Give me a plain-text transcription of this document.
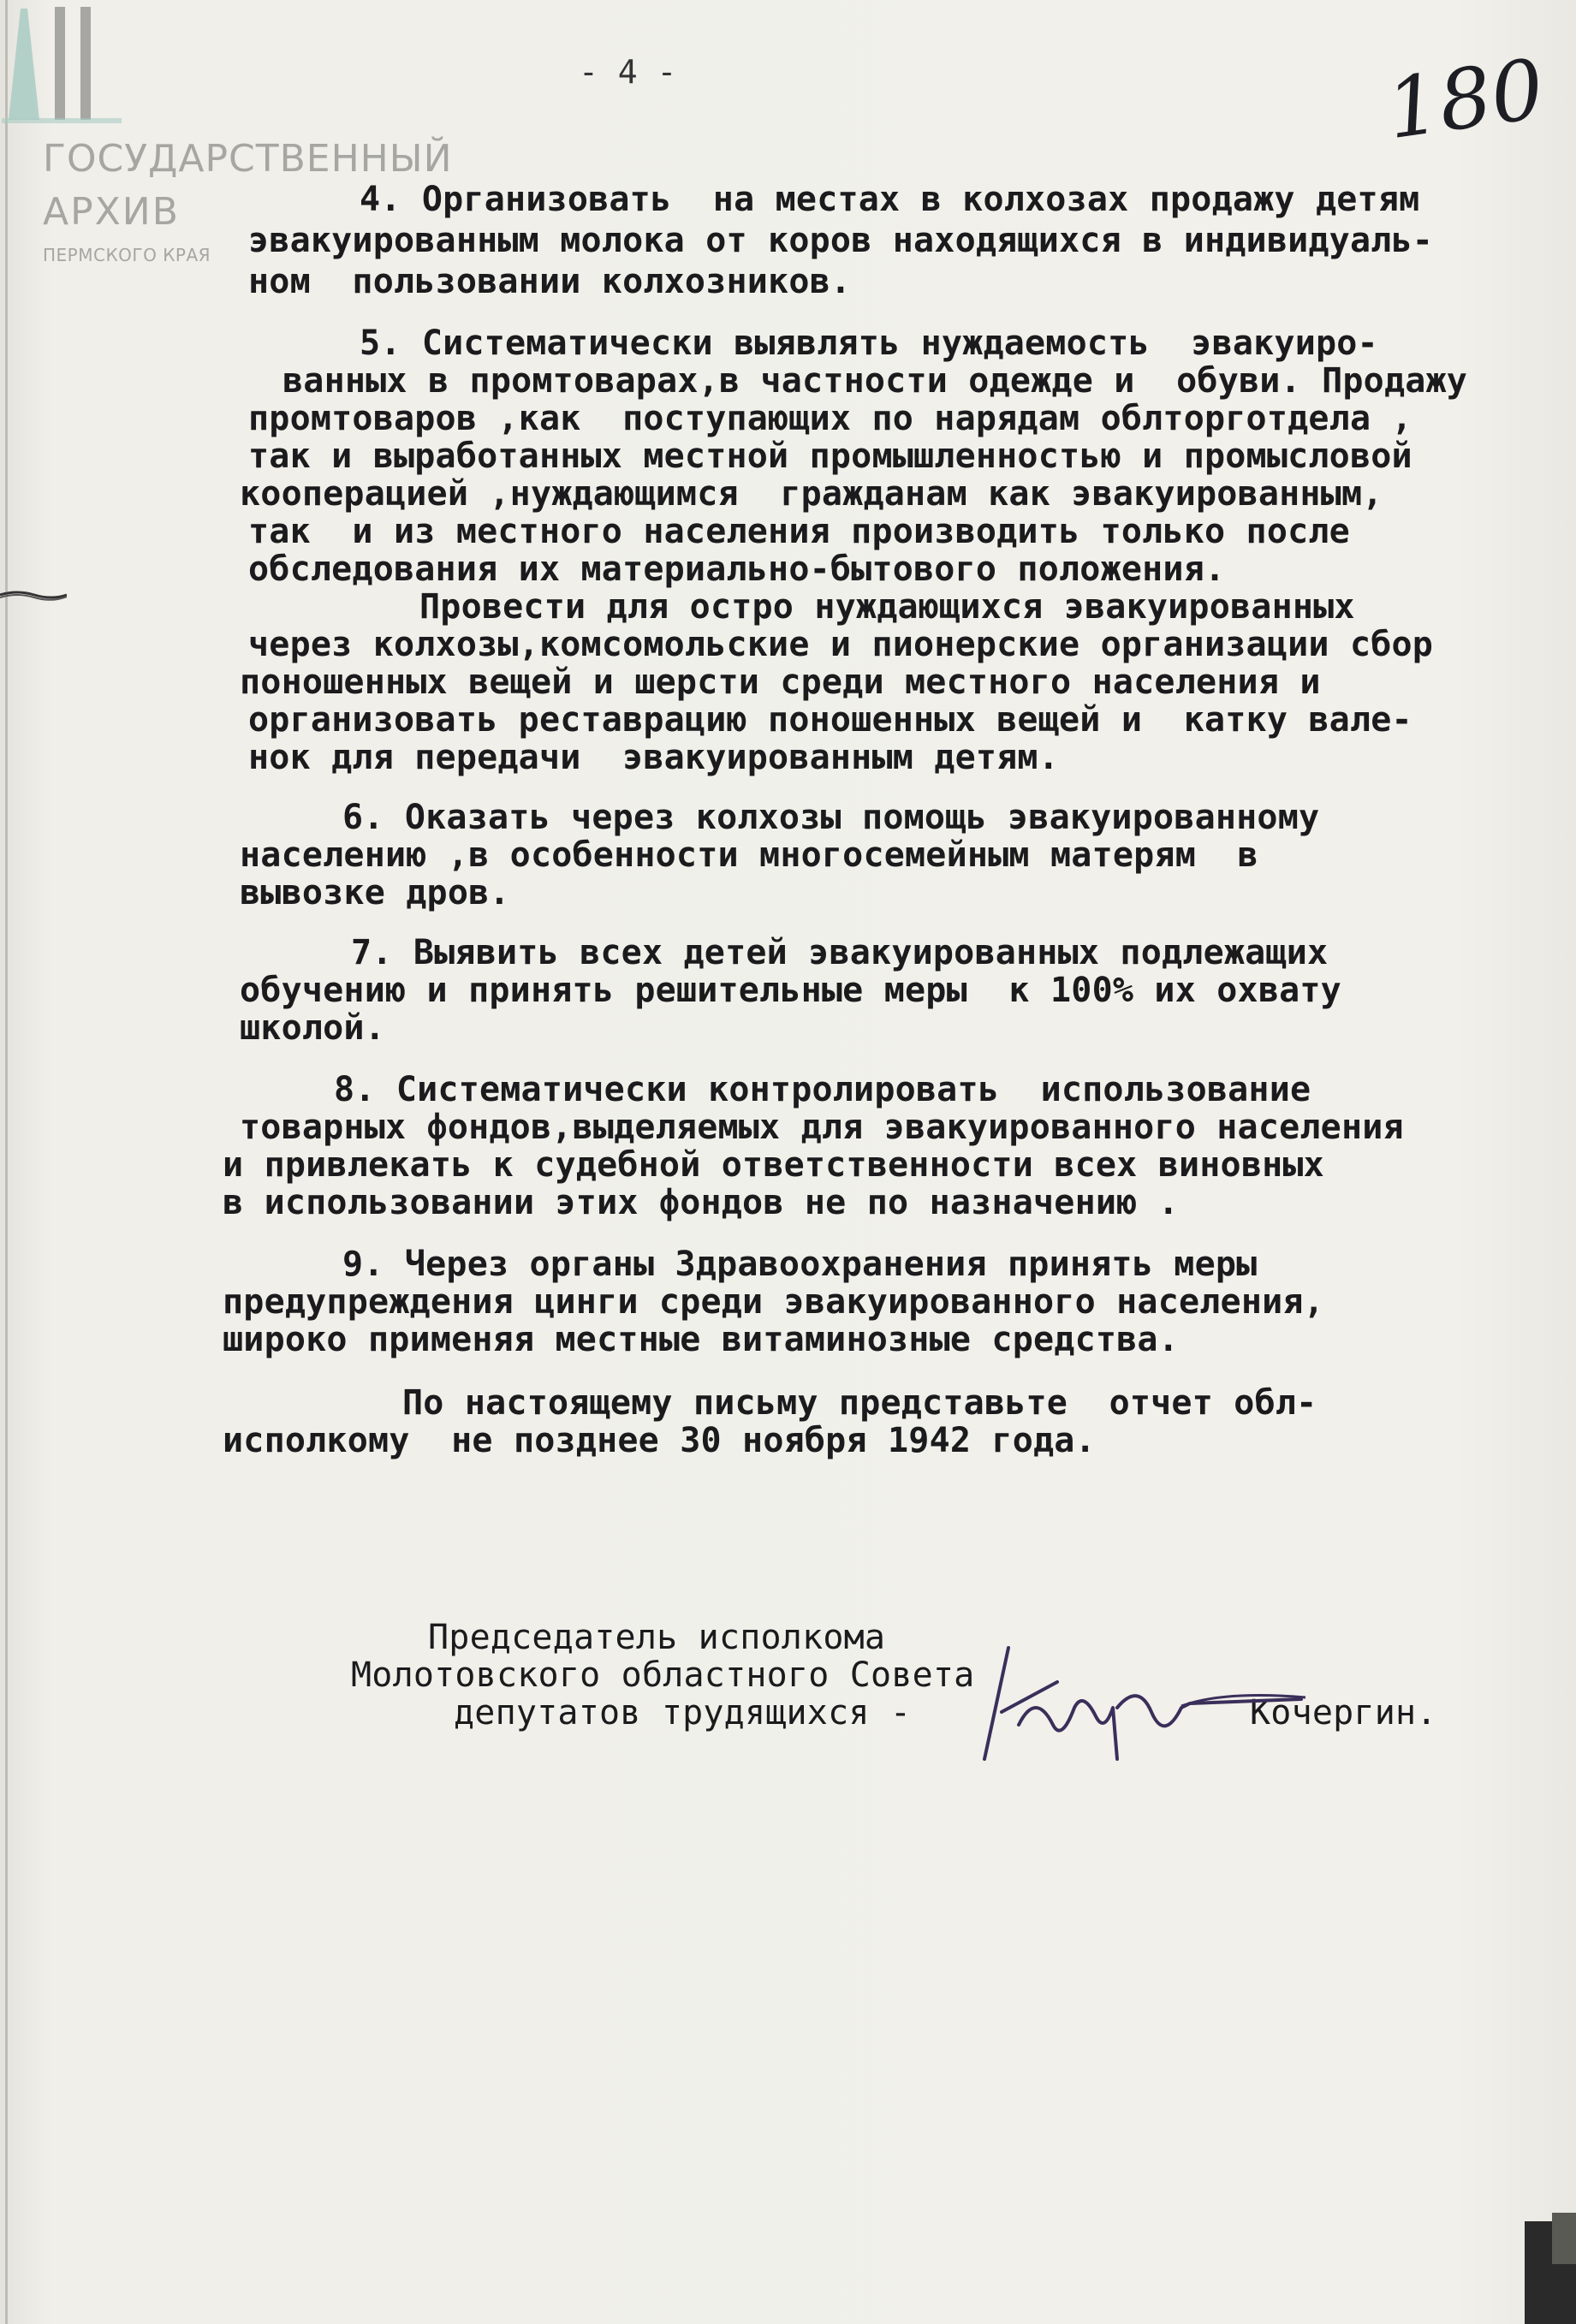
ГОСУДАРСТВЕННЫЙ
АРХИВ
ПЕРМСКОГО КРАЯ
- 4 -	180
4. Организовать  на местах в колхозах продажу детям
эвакуированным молока от коров находящихся в индивидуаль-
ном  пользовании колхозников.
5. Систематически выявлять нуждаемость  эвакуиро-
ванных в промтоварах,в частности одежде и  обуви. Продажу
промтоваров ,как  поступающих по нарядам облторготдела ,
так и выработанных местной промышленностью и промысловой
кооперацией ,нуждающимся  гражданам как эвакуированным,
так  и из местного населения производить только после
обследования их материально-бытового положения.
Провести для остро нуждающихся эвакуированных
через колхозы,комсомольские и пионерские организации сбор
поношенных вещей и шерсти среди местного населения и
организовать реставрацию поношенных вещей и  катку вале-
нок для передачи  эвакуированным детям.
6. Оказать через колхозы помощь эвакуированному
населению ,в особенности многосемейным матерям  в
вывозке дров.
7. Выявить всех детей эвакуированных подлежащих
обучению и принять решительные меры  к 100% их охвату
школой.
8. Систематически контролировать  использование
товарных фондов,выделяемых для эвакуированного населения
и привлекать к судебной ответственности всех виновных
в использовании этих фондов не по назначению .
9. Через органы Здравоохранения принять меры
предупреждения цинги среди эвакуированного населения,
широко применяя местные витаминозные средства.
По настоящему письму представьте  отчет обл-
исполкому  не позднее 30 ноября 1942 года.
Председатель исполкома
Молотовского областного Совета
депутатов трудящихся -	Кочергин.
